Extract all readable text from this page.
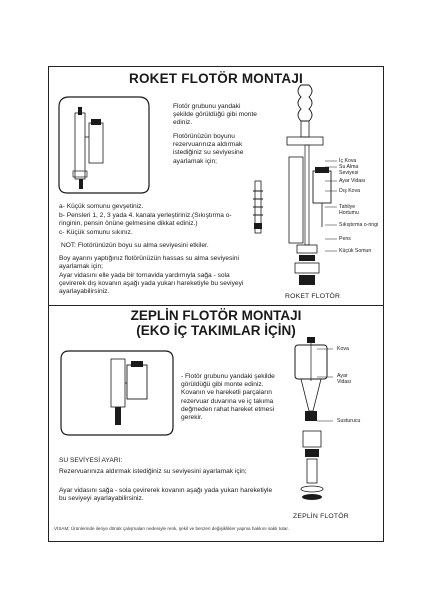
ROKET FLOTÖR MONTAJI
Flotör grubunu yandaki şekilde görüldüğü gibi monte ediniz.
Flotörünüzün boyunu rezervuarınıza aldırmak istediğiniz su seviyesine ayarlamak için;
a- Küçük somunu gevşetiniz.
b- Pensleri 1, 2, 3 yada 4. kanala yerleştiriniz.(Sıkıştırma o-ringinin, pensin önüne gelmesine dikkat ediniz.)
c- Küçük somunu sıkınız.
NOT: Flotörünüzün boyu su alma seviyesini etkiler.
Boy ayarını yaptığınız flotörünüzün hassas su alma seviyesini ayarlamak için;
Ayar vidasını elle yada bir tornavida yardımıyla sağa - sola çevirerek dış kovanın aşağı yada yukarı hareketiyle bu seviyeyi ayarlayabilirsiniz.
İç Kova
Su Alma Seviyesi
Ayar Vidası
Dış Kova
Tahliye Hortumu
Sıkıştırma o-ringi
Pens
Küçük Somun
ROKET FLOTÖR
ZEPLİN FLOTÖR MONTAJI
(EKO İÇ TAKIMLAR İÇİN)
- Flotör grubunu yandaki şekilde görüldüğü gibi monte ediniz. Kovanın ve hareketli parçaların rezervuar duvarına ve iç takıma değmeden rahat hareket etmesi gerekir.
Kova
Ayar Vidası
Susturucu
SU SEVİYESİ AYARI:
Rezervuarınıza aldırmak istediğiniz su seviyesini ayarlamak için;
Ayar vidasını sağa - sola çevirerek kovanın aşağı yada yukarı hareketiyle bu seviyeyi ayarlayabilirsiniz.
ZEPLİN FLOTÖR
VİSAM; Ürünlerinde ileriye dönük çalışmaları nedeniyle renk, şekil ve benzeri değişiklikler yapma hakkını saklı tutar.
